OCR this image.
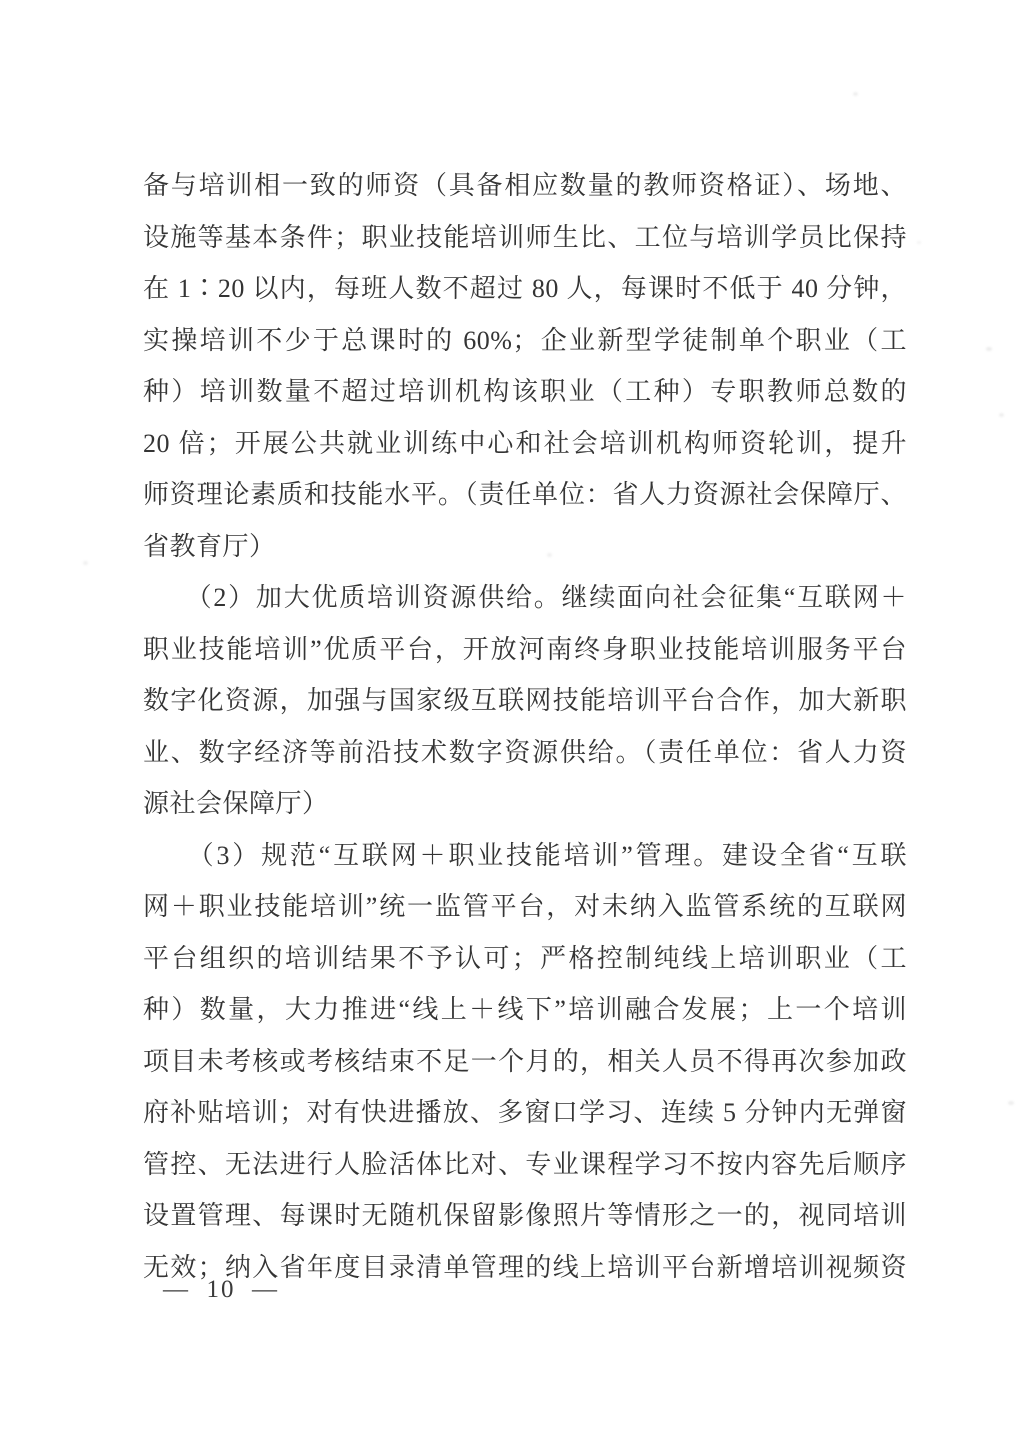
备与培训相一致的师资（具备相应数量的教师资格证）、场地、
设施等基本条件；职业技能培训师生比、工位与培训学员比保持
在 1∶20 以内，每班人数不超过 80 人，每课时不低于 40 分钟，
实操培训不少于总课时的 60%；企业新型学徒制单个职业（工
种）培训数量不超过培训机构该职业（工种）专职教师总数的
20 倍；开展公共就业训练中心和社会培训机构师资轮训，提升
师资理论素质和技能水平。（责任单位：省人力资源社会保障厅、
省教育厅）
　　（2）加大优质培训资源供给。继续面向社会征集“互联网＋
职业技能培训”优质平台，开放河南终身职业技能培训服务平台
数字化资源，加强与国家级互联网技能培训平台合作，加大新职
业、数字经济等前沿技术数字资源供给。（责任单位：省人力资
源社会保障厅）
　　（3）规范“互联网＋职业技能培训”管理。建设全省“互联
网＋职业技能培训”统一监管平台，对未纳入监管系统的互联网
平台组织的培训结果不予认可；严格控制纯线上培训职业（工
种）数量，大力推进“线上＋线下”培训融合发展；上一个培训
项目未考核或考核结束不足一个月的，相关人员不得再次参加政
府补贴培训；对有快进播放、多窗口学习、连续 5 分钟内无弹窗
管控、无法进行人脸活体比对、专业课程学习不按内容先后顺序
设置管理、每课时无随机保留影像照片等情形之一的，视同培训
无效；纳入省年度目录清单管理的线上培训平台新增培训视频资
—  10  —
